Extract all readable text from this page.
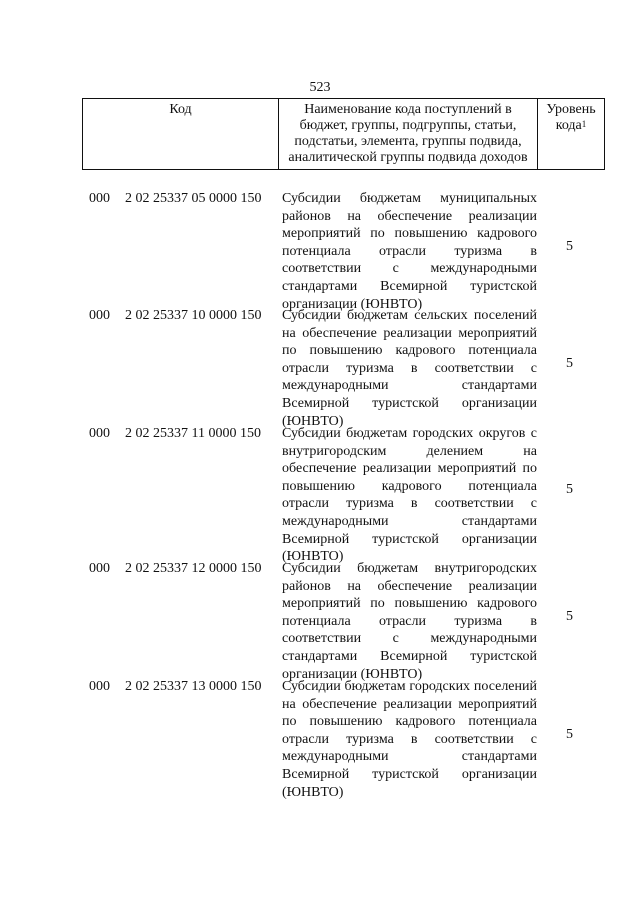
523
Код	Наименование кода поступлений в бюджет, группы, подгруппы, статьи, подстатьи, элемента, группы подвида, аналитической группы подвида доходов
Уровень кода$^1$
000 2 02 25337 05 0000 150 Субсидии бюджетам муниципальных районов на обеспечение реализации мероприятий по повышению кадрового потенциала отрасли туризма в соответствии с международными стандартами Всемирной туристской организации (ЮНВТО)
5
000 2 02 25337 10 0000 150 Субсидии бюджетам сельских поселений на обеспечение реализации мероприятий по повышению кадрового потенциала отрасли туризма в соответствии с международными стандартами Всемирной туристской организации (ЮНВТО)
5
000 2 02 25337 11 0000 150 Субсидии бюджетам городских округов с внутригородским делением на обеспечение реализации мероприятий по повышению кадрового потенциала отрасли туризма в соответствии с международными стандартами Всемирной туристской организации (ЮНВТО)
5
000 2 02 25337 12 0000 150 Субсидии бюджетам внутригородских районов на обеспечение реализации мероприятий по повышению кадрового потенциала отрасли туризма в соответствии с международными стандартами Всемирной туристской организации (ЮНВТО)
5
000 2 02 25337 13 0000 150 Субсидии бюджетам городских поселений на обеспечение реализации мероприятий по повышению кадрового потенциала отрасли туризма в соответствии с международными стандартами Всемирной туристской организации (ЮНВТО)
5
